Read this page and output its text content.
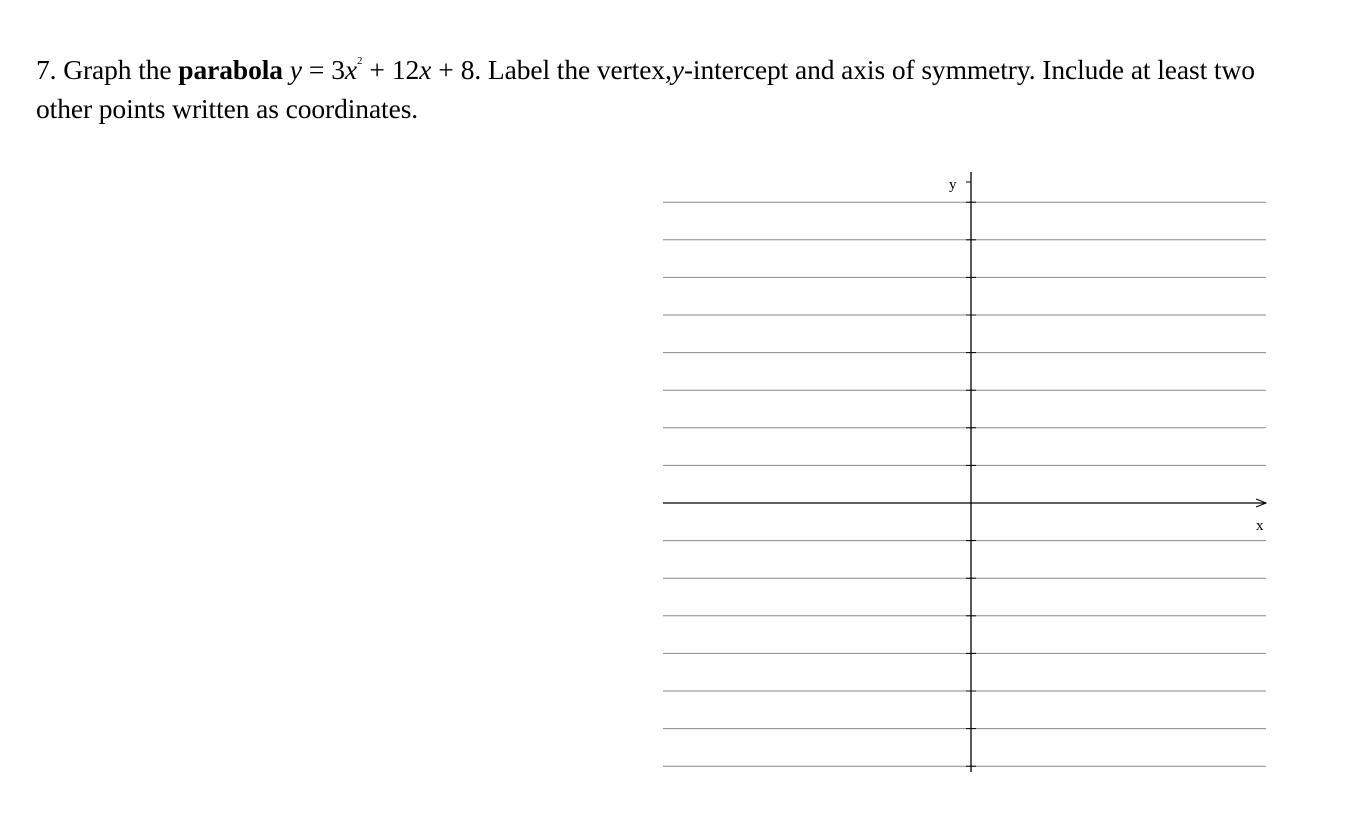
7. Graph the parabola $y = 3x^2 + 12x + 8$. Label the vertex,y-intercept and axis of symmetry. Include at least two other points written as coordinates.
y
x
